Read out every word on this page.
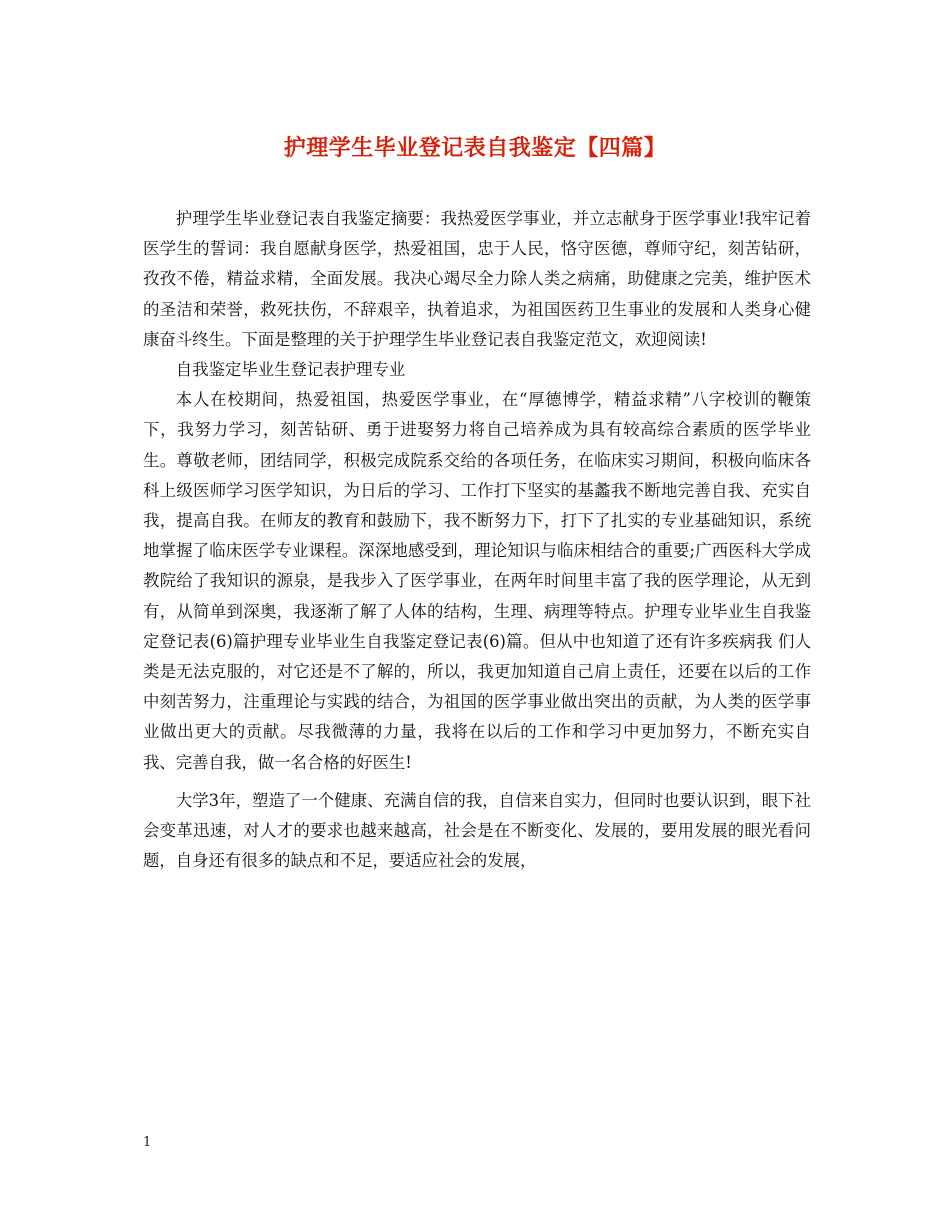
护理学生毕业登记表自我鉴定【四篇】

护理学生毕业登记表自我鉴定摘要：我热爱医学事业，并立志献身于医学事业!我牢记着医学生的誓词：我自愿献身医学，热爱祖国，忠于人民，恪守医德，尊师守纪，刻苦钻研，孜孜不倦，精益求精，全面发展。我决心竭尽全力除人类之病痛，助健康之完美，维护医术的圣洁和荣誉，救死扶伤，不辞艰辛，执着追求，为祖国医药卫生事业的发展和人类身心健康奋斗终生。下面是整理的关于护理学生毕业登记表自我鉴定范文，欢迎阅读!

自我鉴定毕业生登记表护理专业

本人在校期间，热爱祖国，热爱医学事业，在“厚德博学，精益求精”八字校训的鞭策下，我努力学习，刻苦钻研、勇于进娶努力将自己培养成为具有较高综合素质的医学毕业生。尊敬老师，团结同学，积极完成院系交给的各项任务，在临床实习期间，积极向临床各科上级医师学习医学知识，为日后的学习、工作打下坚实的基蠡我不断地完善自我、充实自我，提高自我。在师友的教育和鼓励下，我不断努力下，打下了扎实的专业基础知识，系统地掌握了临床医学专业课程。深深地感受到，理论知识与临床相结合的重要;广西医科大学成教院给了我知识的源泉，是我步入了医学事业，在两年时间里丰富了我的医学理论，从无到有，从简单到深奥，我逐渐了解了人体的结构，生理、病理等特点。护理专业毕业生自我鉴定登记表(6)篇护理专业毕业生自我鉴定登记表(6)篇。但从中也知道了还有许多疾病我 们人类是无法克服的，对它还是不了解的，所以，我更加知道自己肩上责任，还要在以后的工作中刻苦努力，注重理论与实践的结合，为祖国的医学事业做出突出的贡献，为人类的医学事业做出更大的贡献。尽我微薄的力量，我将在以后的工作和学习中更加努力，不断充实自我、完善自我，做一名合格的好医生!

大学3年，塑造了一个健康、充满自信的我，自信来自实力，但同时也要认识到，眼下社会变革迅速，对人才的要求也越来越高，社会是在不断变化、发展的，要用发展的眼光看问题，自身还有很多的缺点和不足，要适应社会的发展，

1
